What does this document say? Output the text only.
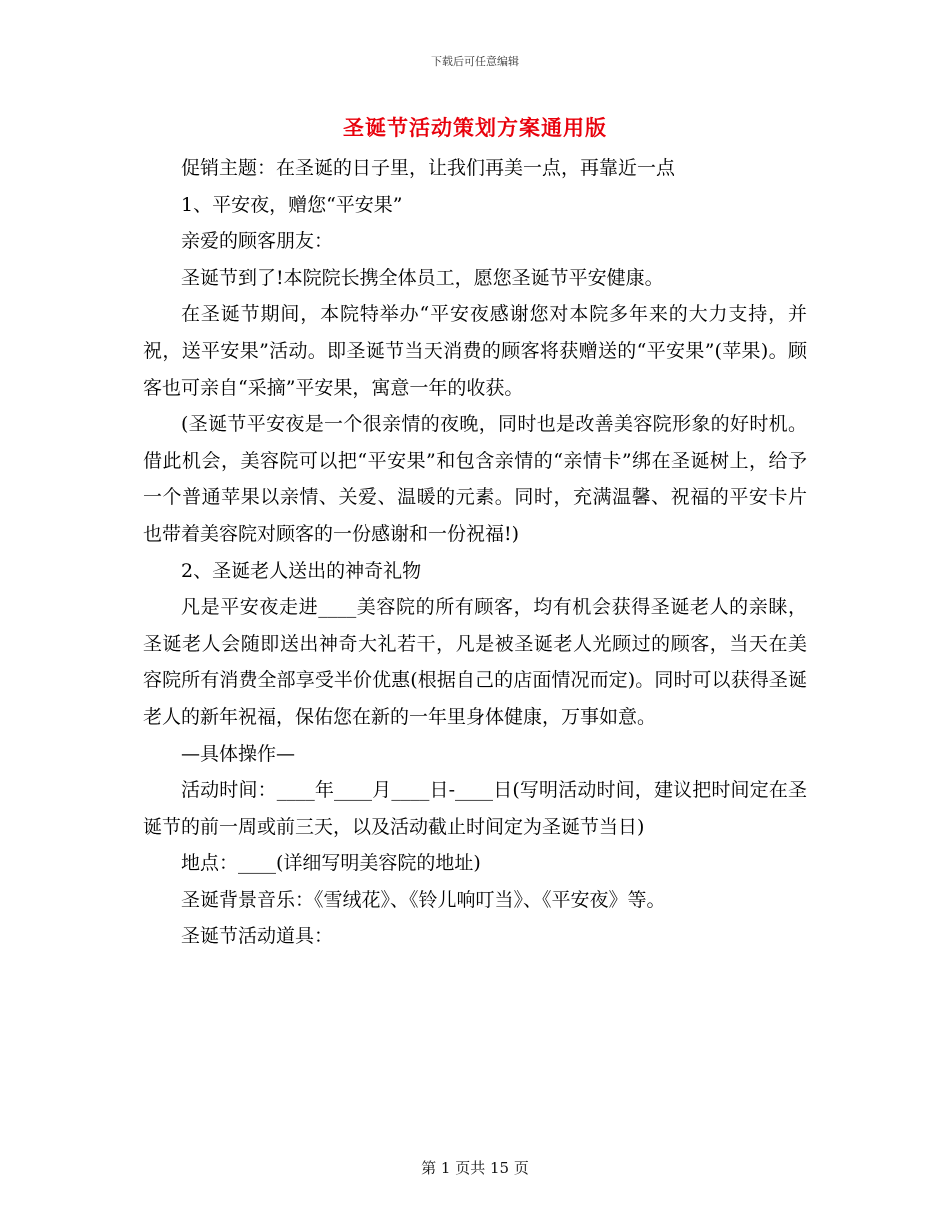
下载后可任意编辑
圣诞节活动策划方案通用版

促销主题：在圣诞的日子里，让我们再美一点，再靠近一点

1、平安夜，赠您“平安果”

亲爱的顾客朋友：

圣诞节到了!本院院长携全体员工，愿您圣诞节平安健康。

在圣诞节期间，本院特举办“平安夜感谢您对本院多年来的大力支持，并祝，送平安果”活动。即圣诞节当天消费的顾客将获赠送的“平安果”(苹果)。顾客也可亲自“采摘”平安果，寓意一年的收获。

(圣诞节平安夜是一个很亲情的夜晚，同时也是改善美容院形象的好时机。借此机会，美容院可以把“平安果”和包含亲情的“亲情卡”绑在圣诞树上，给予一个普通苹果以亲情、关爱、温暖的元素。同时，充满温馨、祝福的平安卡片也带着美容院对顾客的一份感谢和一份祝福!)

2、圣诞老人送出的神奇礼物

凡是平安夜走进____美容院的所有顾客，均有机会获得圣诞老人的亲睐，圣诞老人会随即送出神奇大礼若干，凡是被圣诞老人光顾过的顾客，当天在美容院所有消费全部享受半价优惠(根据自己的店面情况而定)。同时可以获得圣诞老人的新年祝福，保佑您在新的一年里身体健康，万事如意。

—具体操作—

活动时间：____年____月____日-____日(写明活动时间，建议把时间定在圣诞节的前一周或前三天，以及活动截止时间定为圣诞节当日)

地点：____(详细写明美容院的地址)

圣诞背景音乐：《雪绒花》、《铃儿响叮当》、《平安夜》等。

圣诞节活动道具：

第 1 页共 15 页
